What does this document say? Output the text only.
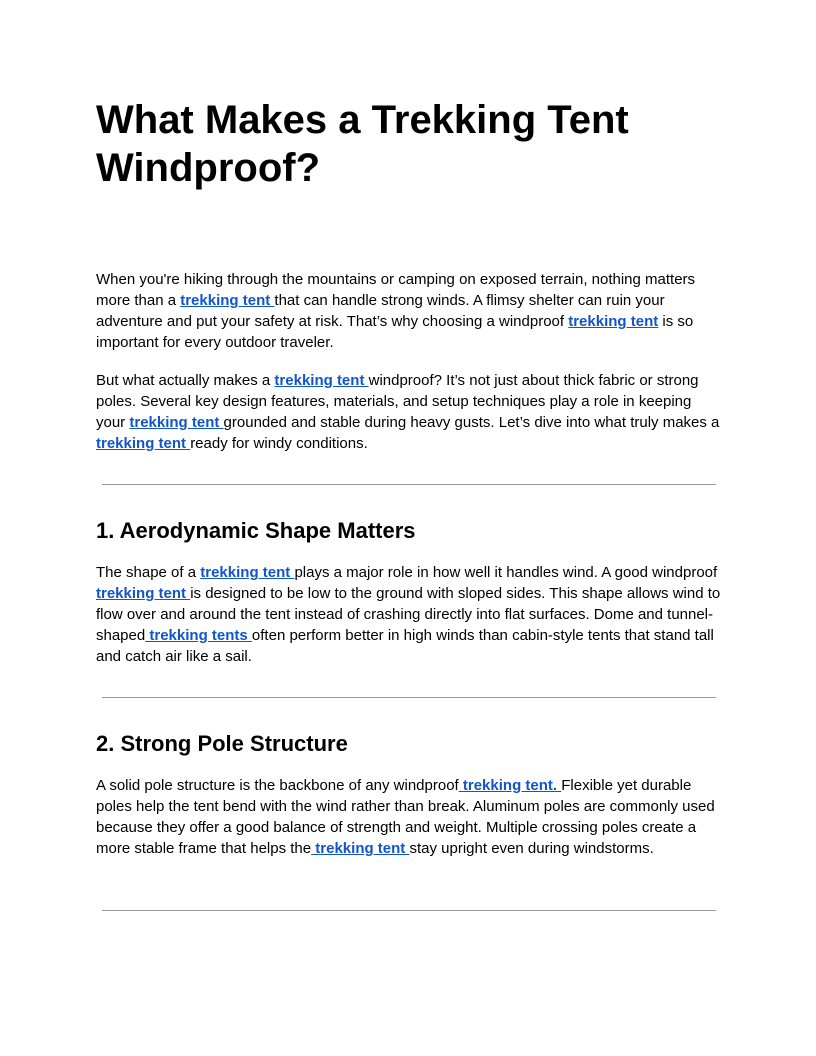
What Makes a Trekking Tent Windproof?

When you're hiking through the mountains or camping on exposed terrain, nothing matters more than a trekking tent that can handle strong winds. A flimsy shelter can ruin your adventure and put your safety at risk. That’s why choosing a windproof trekking tent is so important for every outdoor traveler.

But what actually makes a trekking tent windproof? It’s not just about thick fabric or strong poles. Several key design features, materials, and setup techniques play a role in keeping your trekking tent grounded and stable during heavy gusts. Let’s dive into what truly makes a trekking tent ready for windy conditions.

1. Aerodynamic Shape Matters

The shape of a trekking tent plays a major role in how well it handles wind. A good windproof trekking tent is designed to be low to the ground with sloped sides. This shape allows wind to flow over and around the tent instead of crashing directly into flat surfaces. Dome and tunnel-shaped trekking tents often perform better in high winds than cabin-style tents that stand tall and catch air like a sail.

2. Strong Pole Structure

A solid pole structure is the backbone of any windproof trekking tent. Flexible yet durable poles help the tent bend with the wind rather than break. Aluminum poles are commonly used because they offer a good balance of strength and weight. Multiple crossing poles create a more stable frame that helps the trekking tent stay upright even during windstorms.
